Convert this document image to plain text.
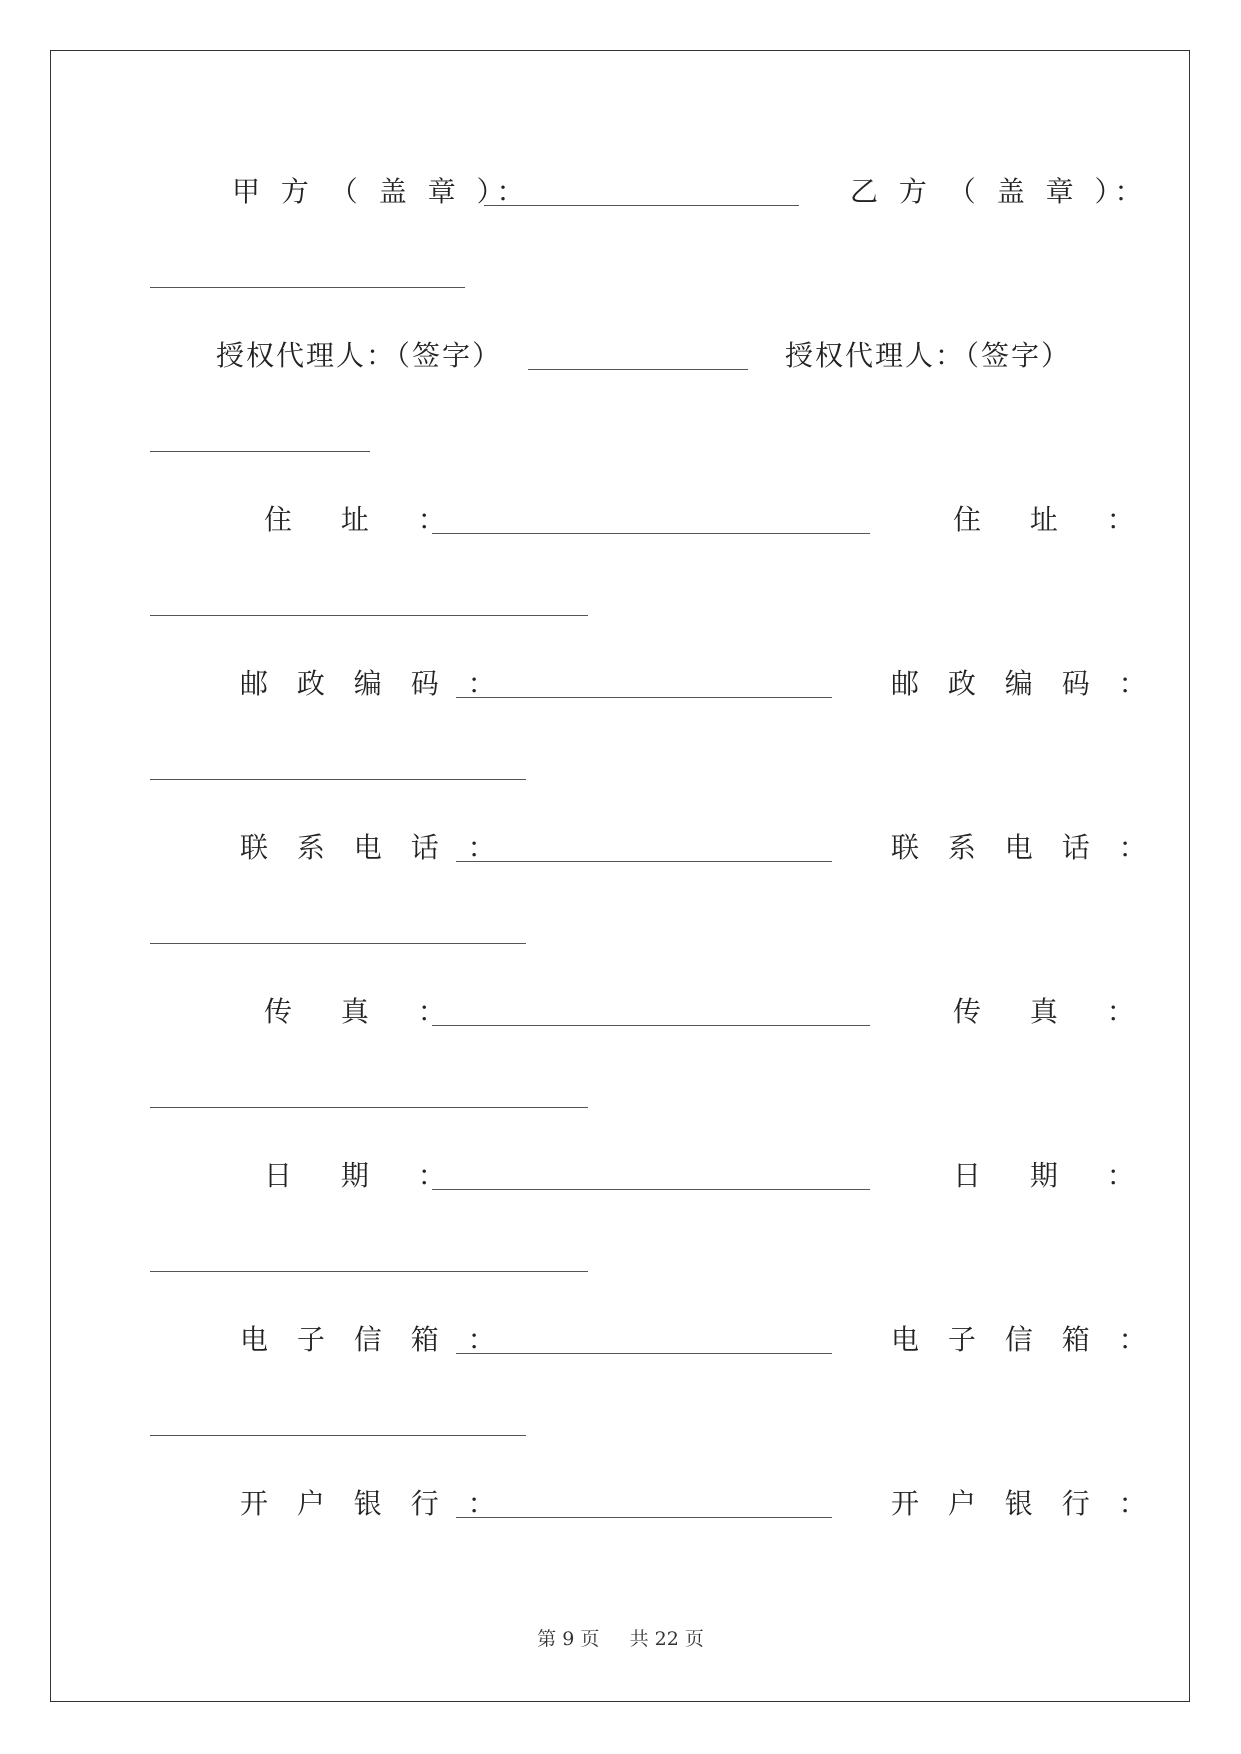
甲 方 （ 盖 章 ）：	乙 方 （ 盖 章 ）：
授权代理人：（签字）	授权代理人：（签字）
住 址 ：	住 址 ：
邮 政 编 码 ：	邮 政 编 码 ：
联 系 电 话 ：	联 系 电 话 ：
传 真 ：	传 真 ：
日 期 ：	日 期 ：
电 子 信 箱 ：	电 子 信 箱 ：
开 户 银 行 ：	开 户 银 行 ：
第 9 页 共 22 页
